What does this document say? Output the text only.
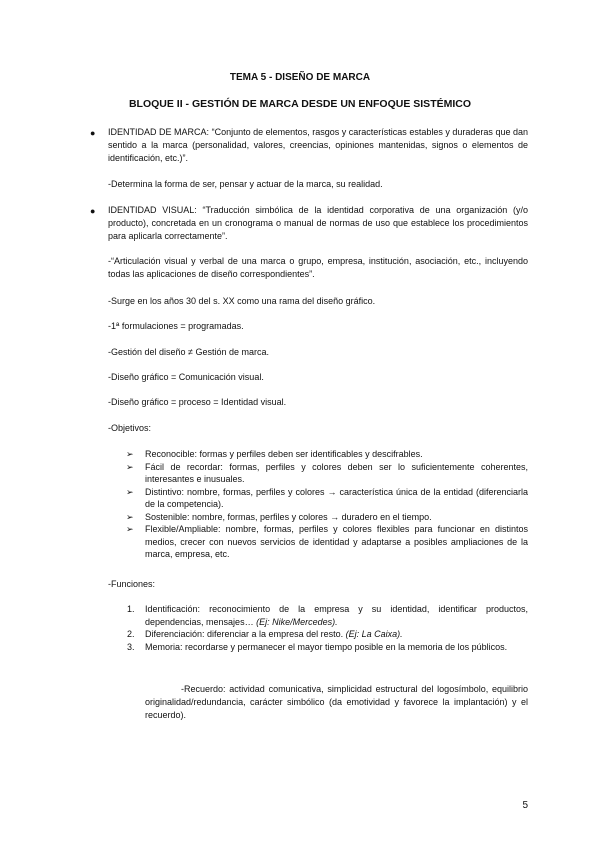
TEMA 5 - DISEÑO DE MARCA
BLOQUE II - GESTIÓN DE MARCA DESDE UN ENFOQUE SISTÉMICO
● IDENTIDAD DE MARCA: “Conjunto de elementos, rasgos y características estables y duraderas que dan sentido a la marca (personalidad, valores, creencias, opiniones mantenidas, signos o elementos de identificación, etc.)”.
-Determina la forma de ser, pensar y actuar de la marca, su realidad.
● IDENTIDAD VISUAL: “Traducción simbólica de la identidad corporativa de una organización (y/o producto), concretada en un cronograma o manual de normas de uso que establece los procedimientos para aplicarla correctamente”.
-“Articulación visual y verbal de una marca o grupo, empresa, institución, asociación, etc., incluyendo todas las aplicaciones de diseño correspondientes”.
-Surge en los años 30 del s. XX como una rama del diseño gráfico.
-1ª formulaciones = programadas.
-Gestión del diseño ≠ Gestión de marca.
-Diseño gráfico = Comunicación visual.
-Diseño gráfico = proceso = Identidad visual.
-Objetivos:
➢ Reconocible: formas y perfiles deben ser identificables y descifrables.
➢ Fácil de recordar: formas, perfiles y colores deben ser lo suficientemente coherentes, interesantes e inusuales.
➢ Distintivo: nombre, formas, perfiles y colores → característica única de la entidad (diferenciarla de la competencia).
➢ Sostenible: nombre, formas, perfiles y colores → duradero en el tiempo.
➢ Flexible/Ampliable: nombre, formas, perfiles y colores flexibles para funcionar en distintos medios, crecer con nuevos servicios de identidad y adaptarse a posibles ampliaciones de la marca, empresa, etc.
-Funciones:
1. Identificación: reconocimiento de la empresa y su identidad, identificar productos, dependencias, mensajes… (Ej: Nike/Mercedes).
2. Diferenciación: diferenciar a la empresa del resto. (Ej: La Caixa).
3. Memoria: recordarse y permanecer el mayor tiempo posible en la memoria de los públicos.
-Recuerdo: actividad comunicativa, simplicidad estructural del logosímbolo, equilibrio originalidad/redundancia, carácter simbólico (da emotividad y favorece la implantación) y el recuerdo).
5
